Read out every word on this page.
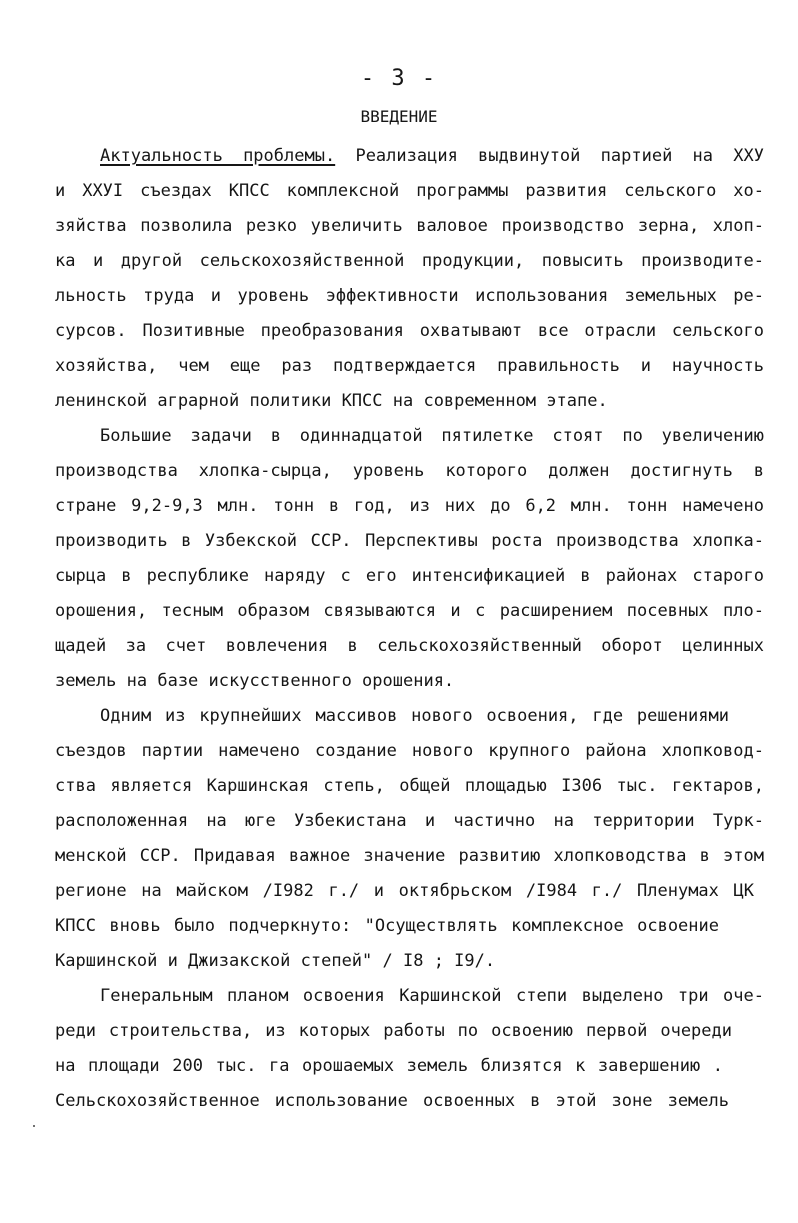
- 3 -
ВВЕДЕНИЕ
Актуальность проблемы. Реализация выдвинутой партией на ХХУ
и ХХУI съездах КПСС комплексной программы развития сельского хо-
зяйства позволила резко увеличить валовое производство зерна, хлоп-
ка и другой сельскохозяйственной продукции, повысить производите-
льность труда и уровень эффективности использования земельных ре-
сурсов. Позитивные преобразования охватывают все отрасли сельского
хозяйства, чем еще раз подтверждается правильность и научность
ленинской аграрной политики КПСС на современном этапе.
Большие задачи в одиннадцатой пятилетке стоят по увеличению
производства хлопка-сырца, уровень которого должен достигнуть в
стране 9,2-9,3 млн. тонн в год, из них до 6,2 млн. тонн намечено
производить в Узбекской ССР. Перспективы роста производства хлопка-
сырца в республике наряду с его интенсификацией в районах старого
орошения, тесным образом связываются и с расширением посевных пло-
щадей за счет вовлечения в сельскохозяйственный оборот целинных
земель на базе искусственного орошения.
Одним из крупнейших массивов нового освоения, где решениями
съездов партии намечено создание нового крупного района хлопковод-
ства является Каршинская степь, общей площадью I306 тыс. гектаров,
расположенная на юге Узбекистана и частично на территории Турк-
менской ССР. Придавая важное значение развитию хлопководства в этом
регионе на майском /I982 г./ и октябрьском /I984 г./ Пленумах ЦК
КПСС вновь было подчеркнуто: "Осуществлять комплексное освоение
Каршинской и Джизакской степей" / I8 ; I9/.
Генеральным планом освоения Каршинской степи выделено три оче-
реди строительства, из которых работы по освоению первой очереди
на площади 200 тыс. га орошаемых земель близятся к завершению .
Сельскохозяйственное использование освоенных в этой зоне земель
